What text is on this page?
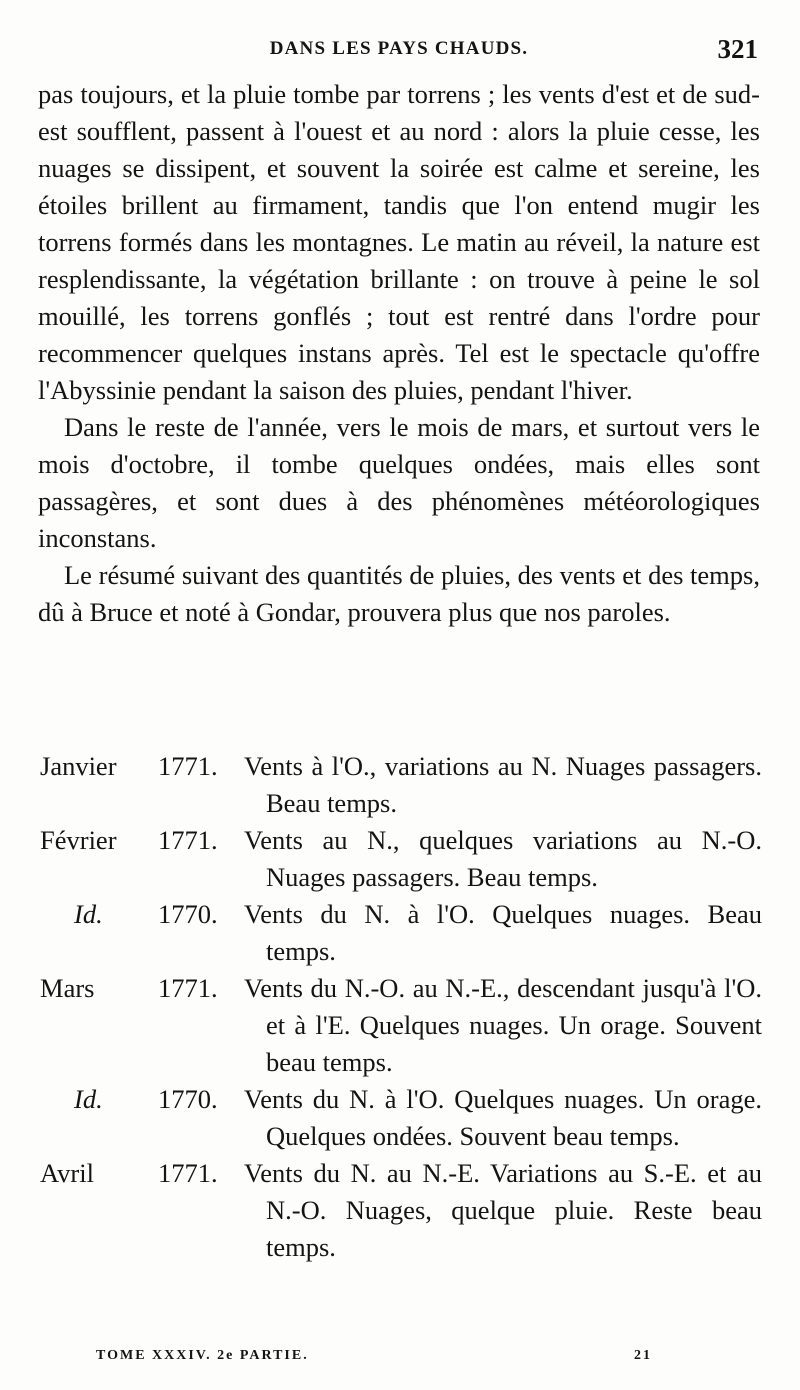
DANS LES PAYS CHAUDS.	321

pas toujours, et la pluie tombe par torrens ; les vents d'est et de sud-est soufflent, passent à l'ouest et au nord : alors la pluie cesse, les nuages se dissipent, et souvent la soirée est calme et sereine, les étoiles brillent au firmament, tandis que l'on entend mugir les torrens formés dans les montagnes. Le matin au réveil, la nature est resplendissante, la végétation brillante : on trouve à peine le sol mouillé, les torrens gonflés ; tout est rentré dans l'ordre pour recommencer quelques instans après. Tel est le spectacle qu'offre l'Abyssinie pendant la saison des pluies, pendant l'hiver.

Dans le reste de l'année, vers le mois de mars, et surtout vers le mois d'octobre, il tombe quelques ondées, mais elles sont passagères, et sont dues à des phénomènes météorologiques inconstans.

Le résumé suivant des quantités de pluies, des vents et des temps, dû à Bruce et noté à Gondar, prouvera plus que nos paroles.

Janvier	1771. Vents à l'O., variations au N. Nuages passagers. Beau temps.
Février	1771. Vents au N., quelques variations au N.-O. Nuages passagers. Beau temps.
Id.	1770. Vents du N. à l'O. Quelques nuages. Beau temps.
Mars	1771. Vents du N.-O. au N.-E., descendant jusqu'à l'O. et à l'E. Quelques nuages. Un orage. Souvent beau temps.
Id.	1770. Vents du N. à l'O. Quelques nuages. Un orage. Quelques ondées. Souvent beau temps.
Avril	1771. Vents du N. au N.-E. Variations au S.-E. et au N.-O. Nuages, quelque pluie. Reste beau temps.
TOME XXXIV. 2e PARTIE.	21
